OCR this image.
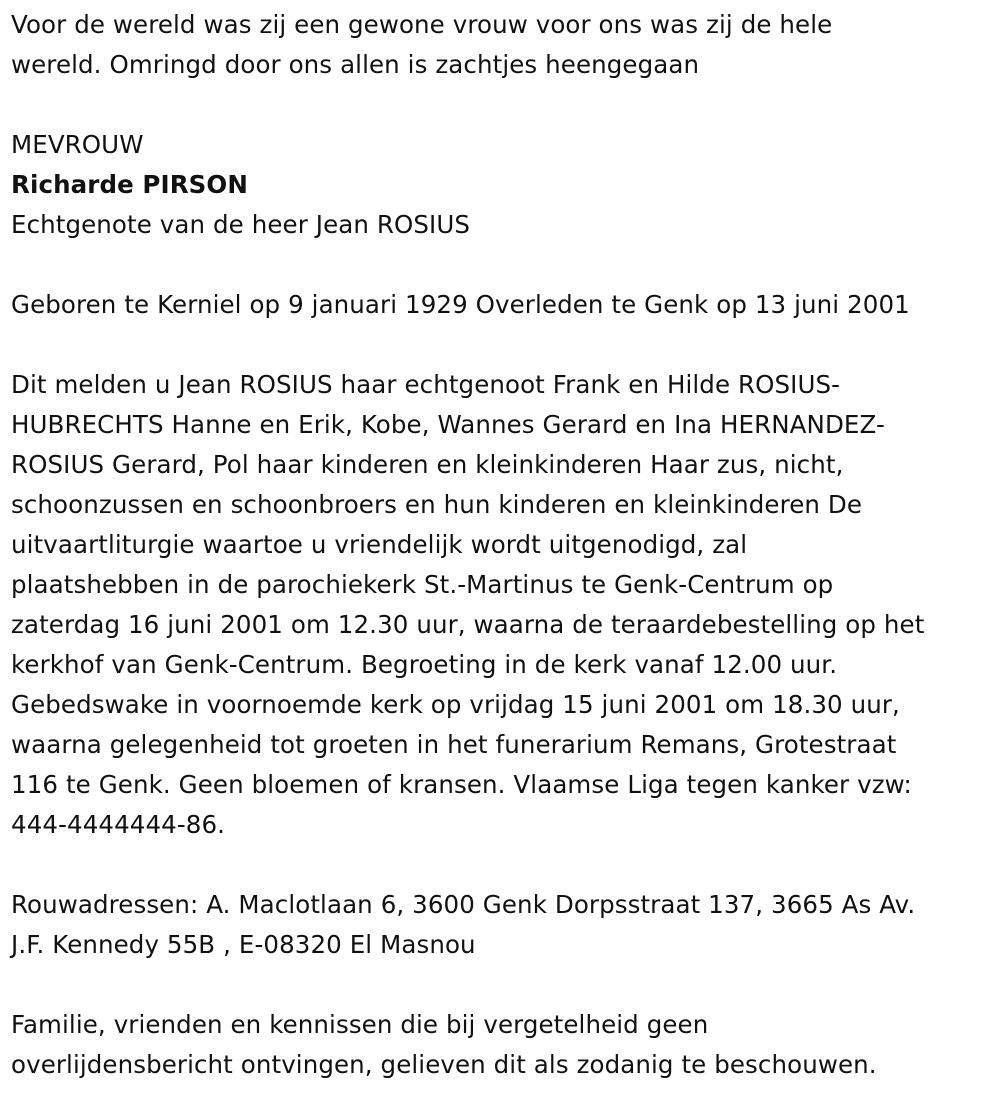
Voor de wereld was zij een gewone vrouw voor ons was zij de hele
wereld. Omringd door ons allen is zachtjes heengegaan

MEVROUW

Richarde PIRSON

Echtgenote van de heer Jean ROSIUS

Geboren te Kerniel op 9 januari 1929 Overleden te Genk op 13 juni 2001

Dit melden u Jean ROSIUS haar echtgenoot Frank en Hilde ROSIUS-
HUBRECHTS Hanne en Erik, Kobe, Wannes Gerard en Ina HERNANDEZ-
ROSIUS Gerard, Pol haar kinderen en kleinkinderen Haar zus, nicht,
schoonzussen en schoonbroers en hun kinderen en kleinkinderen De
uitvaartliturgie waartoe u vriendelijk wordt uitgenodigd, zal
plaatshebben in de parochiekerk St.-Martinus te Genk-Centrum op
zaterdag 16 juni 2001 om 12.30 uur, waarna de teraardebestelling op het
kerkhof van Genk-Centrum. Begroeting in de kerk vanaf 12.00 uur.
Gebedswake in voornoemde kerk op vrijdag 15 juni 2001 om 18.30 uur,
waarna gelegenheid tot groeten in het funerarium Remans, Grotestraat
116 te Genk. Geen bloemen of kransen. Vlaamse Liga tegen kanker vzw:
444-4444444-86.

Rouwadressen: A. Maclotlaan 6, 3600 Genk Dorpsstraat 137, 3665 As Av.
J.F. Kennedy 55B , E-08320 El Masnou

Familie, vrienden en kennissen die bij vergetelheid geen
overlijdensbericht ontvingen, gelieven dit als zodanig te beschouwen.
